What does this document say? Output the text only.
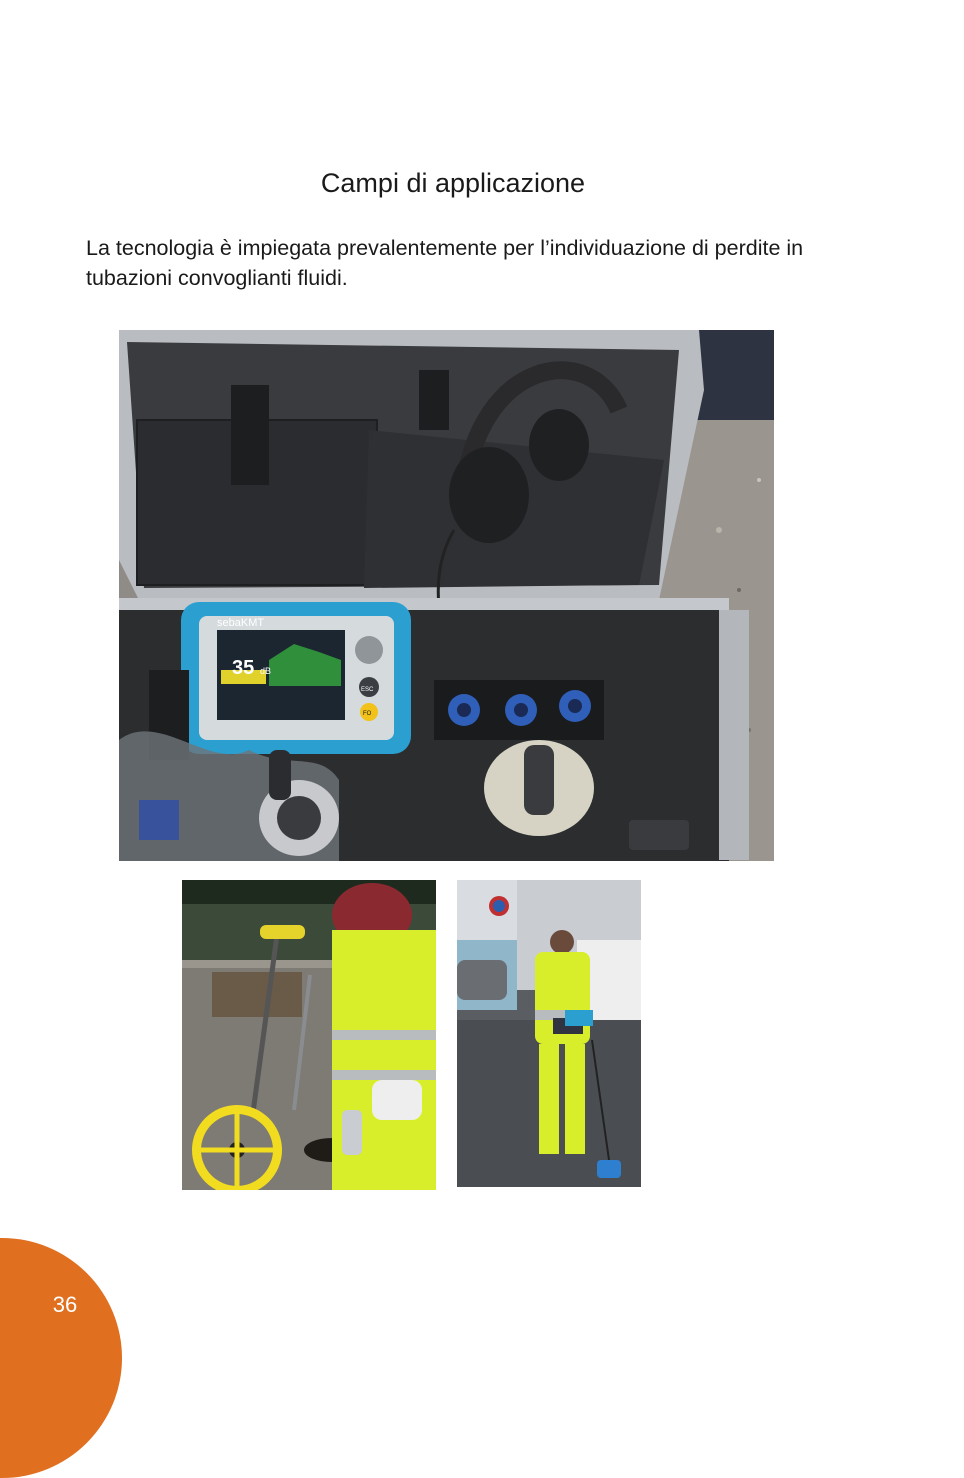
Campi di applicazione

La tecnologia è impiegata prevalentemente per l’individuazione di perdite in tubazioni convoglianti fluidi.

sebaKMT
35 dB
ESC
FO
36
